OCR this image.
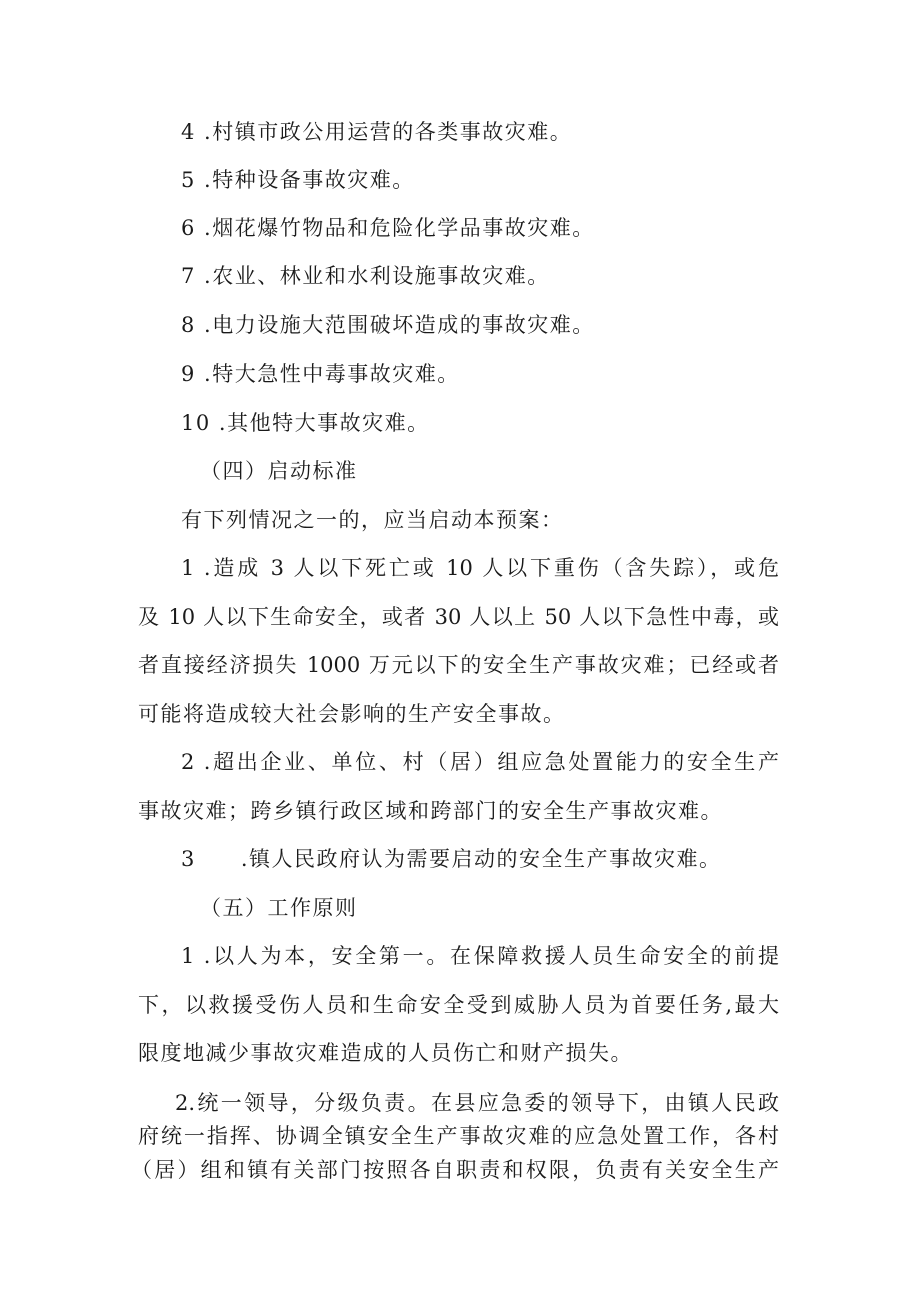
4 .村镇市政公用运营的各类事故灾难。
5 .特种设备事故灾难。
6 .烟花爆竹物品和危险化学品事故灾难。
7 .农业、林业和水利设施事故灾难。
8 .电力设施大范围破坏造成的事故灾难。
9 .特大急性中毒事故灾难。
10 .其他特大事故灾难。
（四）启动标准
有下列情况之一的，应当启动本预案：
1 .造成 3 人以下死亡或 10 人以下重伤（含失踪），或危
及 10 人以下生命安全，或者 30 人以上 50 人以下急性中毒，或
者直接经济损失 1000 万元以下的安全生产事故灾难；已经或者
可能将造成较大社会影响的生产安全事故。
2 .超出企业、单位、村（居）组应急处置能力的安全生产
事故灾难；跨乡镇行政区域和跨部门的安全生产事故灾难。
3　　.镇人民政府认为需要启动的安全生产事故灾难。
（五）工作原则
1 .以人为本，安全第一。在保障救援人员生命安全的前提
下，以救援受伤人员和生命安全受到威胁人员为首要任务,最大
限度地减少事故灾难造成的人员伤亡和财产损失。
2.统一领导，分级负责。在县应急委的领导下，由镇人民政
府统一指挥、协调全镇安全生产事故灾难的应急处置工作，各村
（居）组和镇有关部门按照各自职责和权限，负责有关安全生产
